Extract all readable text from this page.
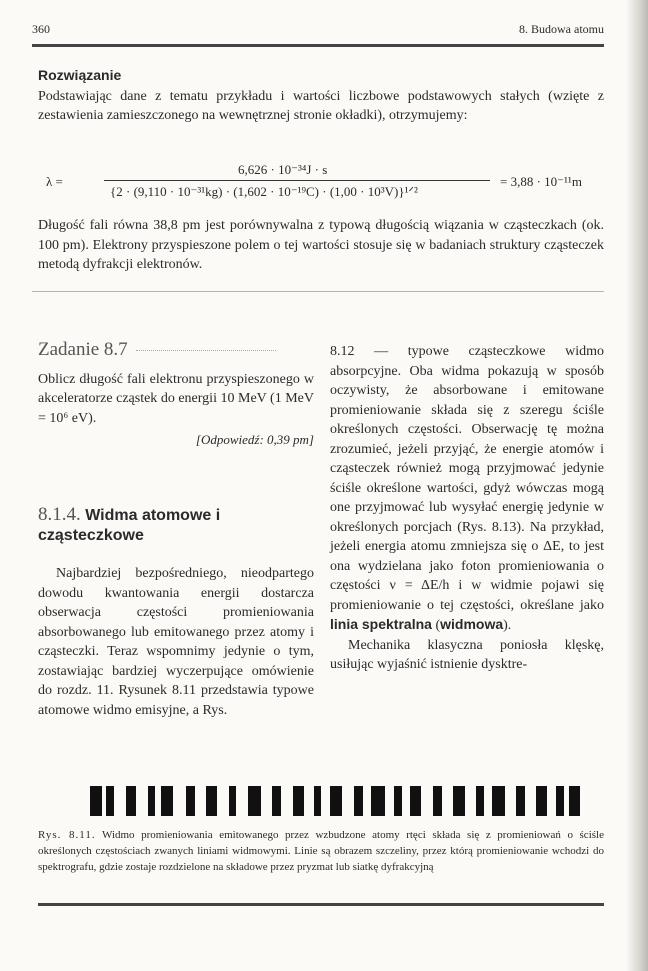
360	8. Budowa atomu
Rozwiązanie

Podstawiając dane z tematu przykładu i wartości liczbowe podstawowych stałych (wzięte z zestawienia zamieszczonego na wewnętrznej stronie okładki), otrzymujemy:

λ =
6,626 · 10⁻³⁴J · s
{2 · (9,110 · 10⁻³¹kg) · (1,602 · 10⁻¹⁹C) · (1,00 · 10³V)}¹ᐟ²
= 3,88 · 10⁻¹¹m

Długość fali równa 38,8 pm jest porównywalna z typową długością wiązania w cząsteczkach (ok. 100 pm). Elektrony przyspieszone polem o tej wartości stosuje się w badaniach struktury cząsteczek metodą dyfrakcji elektronów.

Zadanie 8.7

Oblicz długość fali elektronu przyspieszonego w akceleratorze cząstek do energii 10 MeV (1 MeV = 10⁶ eV).

[Odpowiedź: 0,39 pm]
8.1.4. Widma atomowe i cząsteczkowe

Najbardziej bezpośredniego, nieodpartego dowodu kwantowania energii dostarcza obserwacja częstości promieniowania absorbowanego lub emitowanego przez atomy i cząsteczki. Teraz wspomnimy jedynie o tym, zostawiając bardziej wyczerpujące omówienie do rozdz. 11. Rysunek 8.11 przedstawia typowe atomowe widmo emisyjne, a Rys.

8.12 — typowe cząsteczkowe widmo absorpcyjne. Oba widma pokazują w sposób oczywisty, że absorbowane i emitowane promieniowanie składa się z szeregu ściśle określonych częstości. Obserwację tę można zrozumieć, jeżeli przyjąć, że energie atomów i cząsteczek również mogą przyjmować jedynie ściśle określone wartości, gdyż wówczas mogą one przyjmować lub wysyłać energię jedynie w określonych porcjach (Rys. 8.13). Na przykład, jeżeli energia atomu zmniejsza się o ΔE, to jest ona wydzielana jako foton promieniowania o częstości ν = ΔE/h i w widmie pojawi się promieniowanie o tej częstości, określane jako linia spektralna (widmowa).

Mechanika klasyczna poniosła klęskę, usiłując wyjaśnić istnienie dysktre-

Rys. 8.11. Widmo promieniowania emitowanego przez wzbudzone atomy rtęci składa się z promieniowań o ściśle określonych częstościach zwanych liniami widmowymi. Linie są obrazem szczeliny, przez którą promieniowanie wchodzi do spektrografu, gdzie zostaje rozdzielone na składowe przez pryzmat lub siatkę dyfrakcyjną
